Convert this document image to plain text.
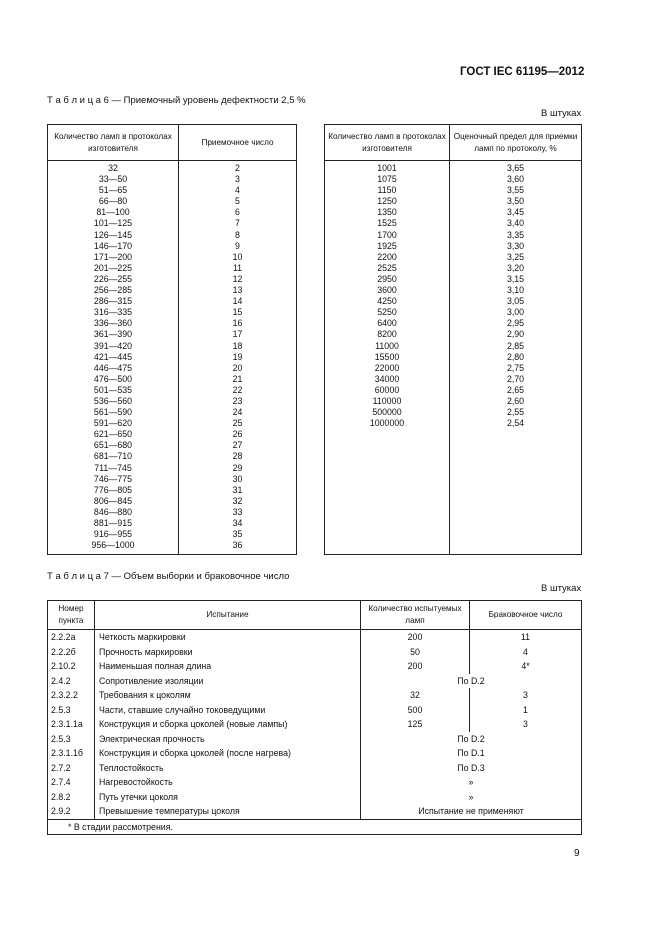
ГОСТ IEC 61195—2012
Т а б л и ц а 6 — Приемочный уровень дефектности 2,5 %
В штуках
Количество ламп в протоколах изготовителя	Приемочное число
32	2
33—50	3
51—65	4
66—80	5
81—100	6
101—125	7
126—145	8
146—170	9
171—200	10
201—225	11
226—255	12
256—285	13
286—315	14
316—335	15
336—360	16
361—390	17
391—420	18
421—445	19
446—475	20
476—500	21
501—535	22
536—560	23
561—590	24
591—620	25
621—650	26
651—680	27
681—710	28
711—745	29
746—775	30
776—805	31
806—845	32
846—880	33
881—915	34
916—955	35
956—1000	36
Количество ламп в протоколах изготовителя	Оценочный предел для приемки ламп по протоколу, %
1001	3,65
1075	3,60
1150	3,55
1250	3,50
1350	3,45
1525	3,40
1700	3,35
1925	3,30
2200	3,25
2525	3,20
2950	3,15
3600	3,10
4250	3,05
5250	3,00
6400	2,95
8200	2,90
11000	2,85
15500	2,80
22000	2,75
34000	2,70
60000	2,65
110000	2,60
500000	2,55
1000000	2,54

Т а б л и ц а 7 — Объем выборки и браковочное число
В штуках
Номер пункта	Испытание	Количество испытуемых ламп	Браковочное число
2.2.2а	Четкость маркировки	200	11
2.2.2б	Прочность маркировки	50	4
2.10.2	Наименьшая полная длина	200	4*
2.4.2	Сопротивление изоляции	По D.2	
2.3.2.2	Требования к цоколям	32	3
2.5.3	Части, ставшие случайно токоведущими	500	1
2.3.1.1а	Конструкция и сборка цоколей (новые лампы)	125	3
2.5.3	Электрическая прочность	По D.2	
2.3.1.1б	Конструкция и сборка цоколей (после нагрева)	По D.1	
2.7.2	Теплостойкость	По D.3	
2.7.4	Нагревостойкость	»	
2.8.2	Путь утечки цоколя	»	
2.9.2	Превышение температуры цоколя	Испытание не применяют	
* В стадии рассмотрения.			
9
